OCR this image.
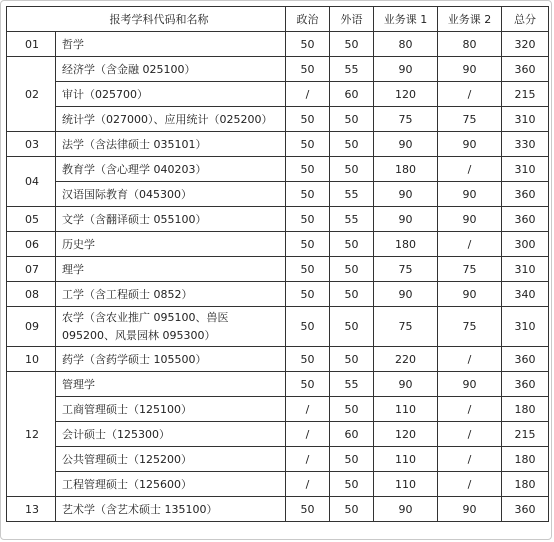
报考学科代码和名称		政治	外语	业务课 1	业务课 2	总分
01	哲学	50	50	80	80	320
02	经济学（含金融 025100）	50	55	90	90	360
	审计（025700）	/	60	120	/	215
	统计学（027000）、应用统计（025200）	50	50	75	75	310
03	法学（含法律硕士 035101）	50	50	90	90	330
04	教育学（含心理学 040203）	50	50	180	/	310
	汉语国际教育（045300）	50	55	90	90	360
05	文学（含翻译硕士 055100）	50	55	90	90	360
06	历史学	50	50	180	/	300
07	理学	50	50	75	75	310
08	工学（含工程硕士 0852）	50	50	90	90	340
09	农学（含农业推广 095100、兽医 095200、风景园林 095300）	50	50	75	75	310
10	药学（含药学硕士 105500）	50	50	220	/	360
12	管理学	50	55	90	90	360
	工商管理硕士（125100）	/	50	110	/	180
	会计硕士（125300）	/	60	120	/	215
	公共管理硕士（125200）	/	50	110	/	180
	工程管理硕士（125600）	/	50	110	/	180
13	艺术学（含艺术硕士 135100）	50	50	90	90	360
